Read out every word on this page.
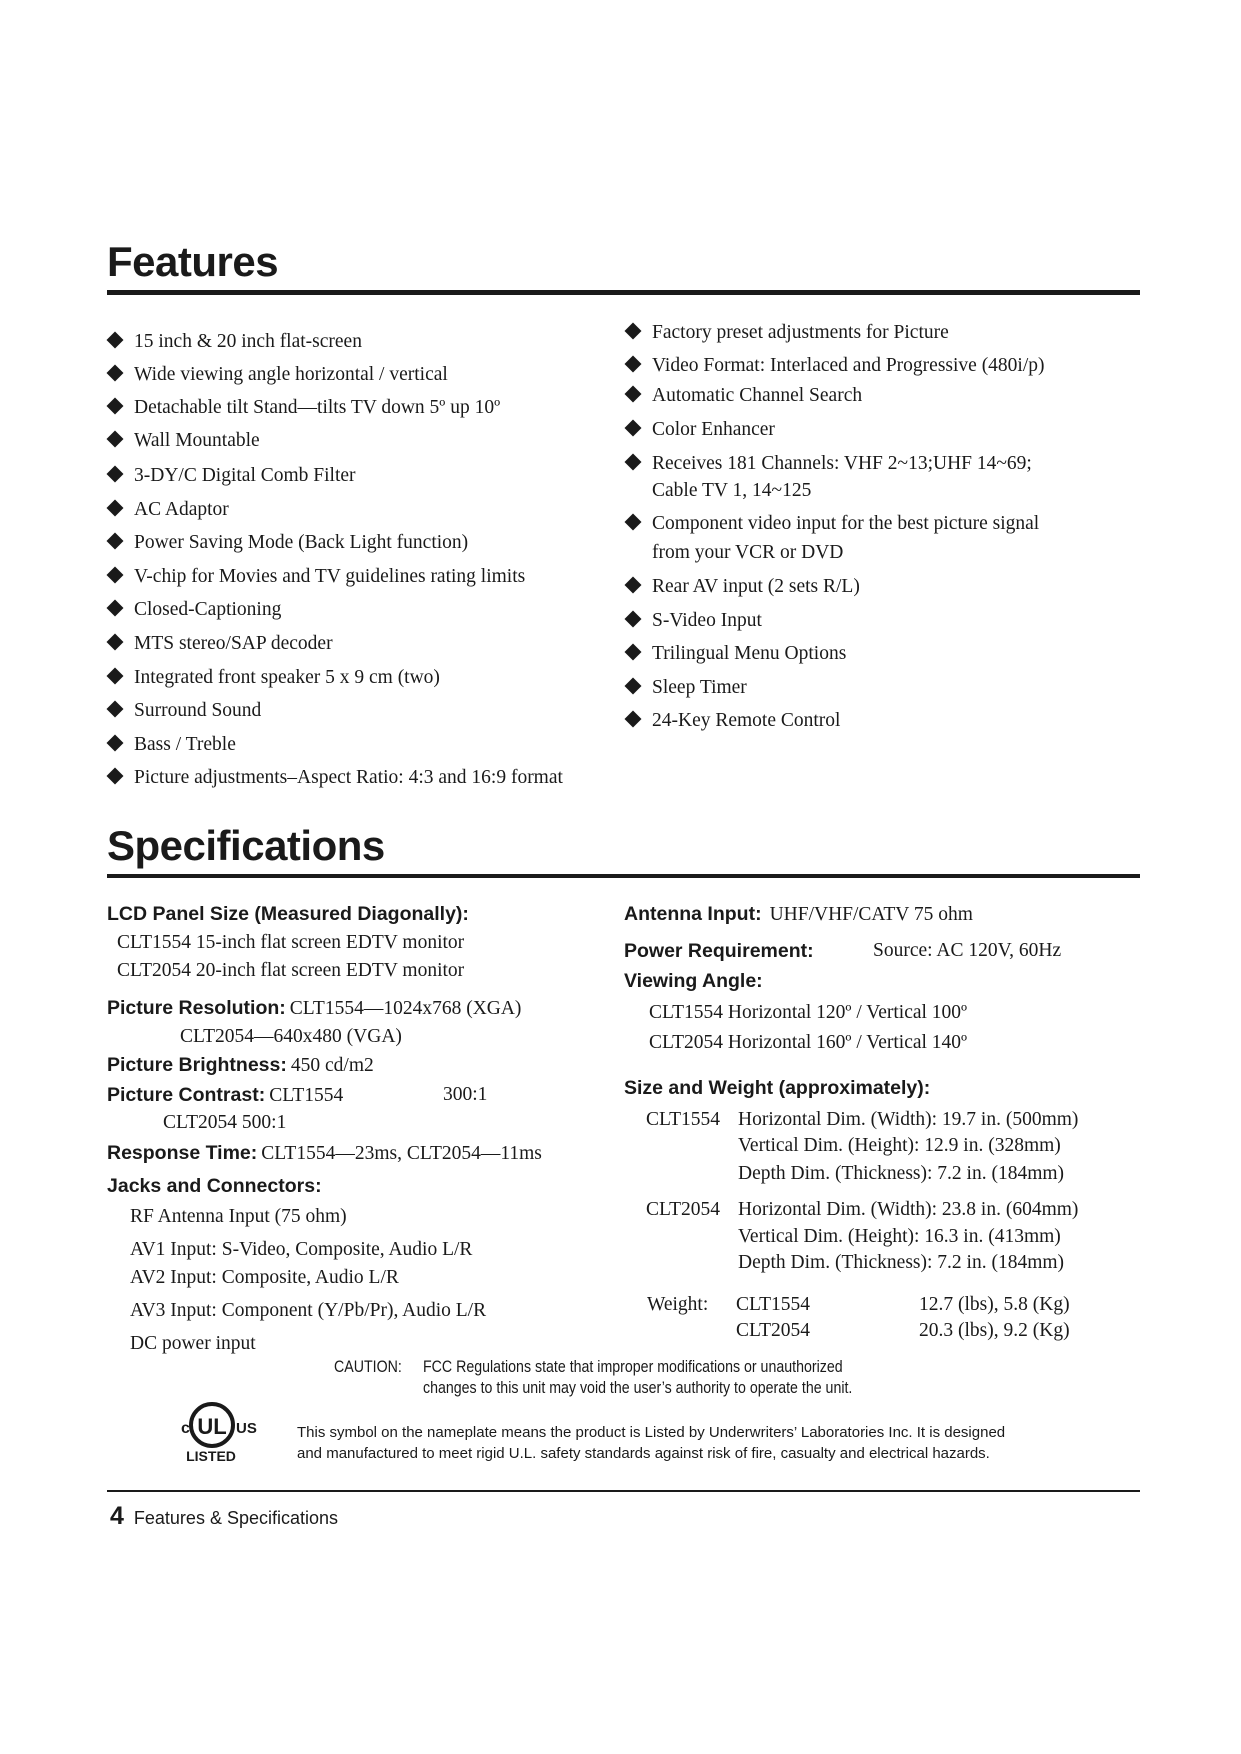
Features
15 inch & 20 inch flat-screen
Wide viewing angle horizontal / vertical
Detachable tilt Stand—tilts TV down 5º up 10º
Wall Mountable
3-DY/C Digital Comb Filter
AC Adaptor
Power Saving Mode (Back Light function)
V-chip for Movies and TV guidelines rating limits
Closed-Captioning
MTS stereo/SAP decoder
Integrated front speaker 5 x 9 cm (two)
Surround Sound
Bass / Treble
Picture adjustments–Aspect Ratio: 4:3 and 16:9 format
Factory preset adjustments for Picture
Video Format: Interlaced and Progressive (480i/p)
Automatic Channel Search
Color Enhancer
Receives 181 Channels: VHF 2~13;UHF 14~69;
Cable TV 1, 14~125
Component video input for the best picture signal
from your VCR or DVD
Rear AV input (2 sets R/L)
S-Video Input
Trilingual Menu Options
Sleep Timer
24-Key Remote Control
Specifications
LCD Panel Size (Measured Diagonally):
CLT1554 15-inch flat screen EDTV monitor
CLT2054 20-inch flat screen EDTV monitor
Picture Resolution: CLT1554—1024x768 (XGA)
CLT2054—640x480 (VGA)
Picture Brightness: 450 cd/m2
Picture Contrast: CLT1554	300:1
CLT2054 500:1
Response Time: CLT1554—23ms, CLT2054—11ms
Jacks and Connectors:
RF Antenna Input (75 ohm)
AV1 Input: S-Video, Composite, Audio L/R
AV2 Input: Composite, Audio L/R
AV3 Input: Component (Y/Pb/Pr), Audio L/R
DC power input
Antenna Input: UHF/VHF/CATV 75 ohm
Power Requirement:	Source: AC 120V, 60Hz
Viewing Angle:
CLT1554 Horizontal 120º / Vertical 100º
CLT2054 Horizontal 160º / Vertical 140º
Size and Weight (approximately):
CLT1554 Horizontal Dim. (Width): 19.7 in. (500mm)
Vertical Dim. (Height): 12.9 in. (328mm)
Depth Dim. (Thickness): 7.2 in. (184mm)
CLT2054 Horizontal Dim. (Width): 23.8 in. (604mm)
Vertical Dim. (Height): 16.3 in. (413mm)
Depth Dim. (Thickness): 7.2 in. (184mm)
Weight: CLT1554	12.7 (lbs), 5.8 (Kg)
CLT2054	20.3 (lbs), 9.2 (Kg)
CAUTION: FCC Regulations state that improper modifications or unauthorized
changes to this unit may void the user’s authority to operate the unit.
UL
c	US
LISTED
This symbol on the nameplate means the product is Listed by Underwriters’ Laboratories Inc. It is designed
and manufactured to meet rigid U.L. safety standards against risk of fire, casualty and electrical hazards.
4 Features & Specifications
